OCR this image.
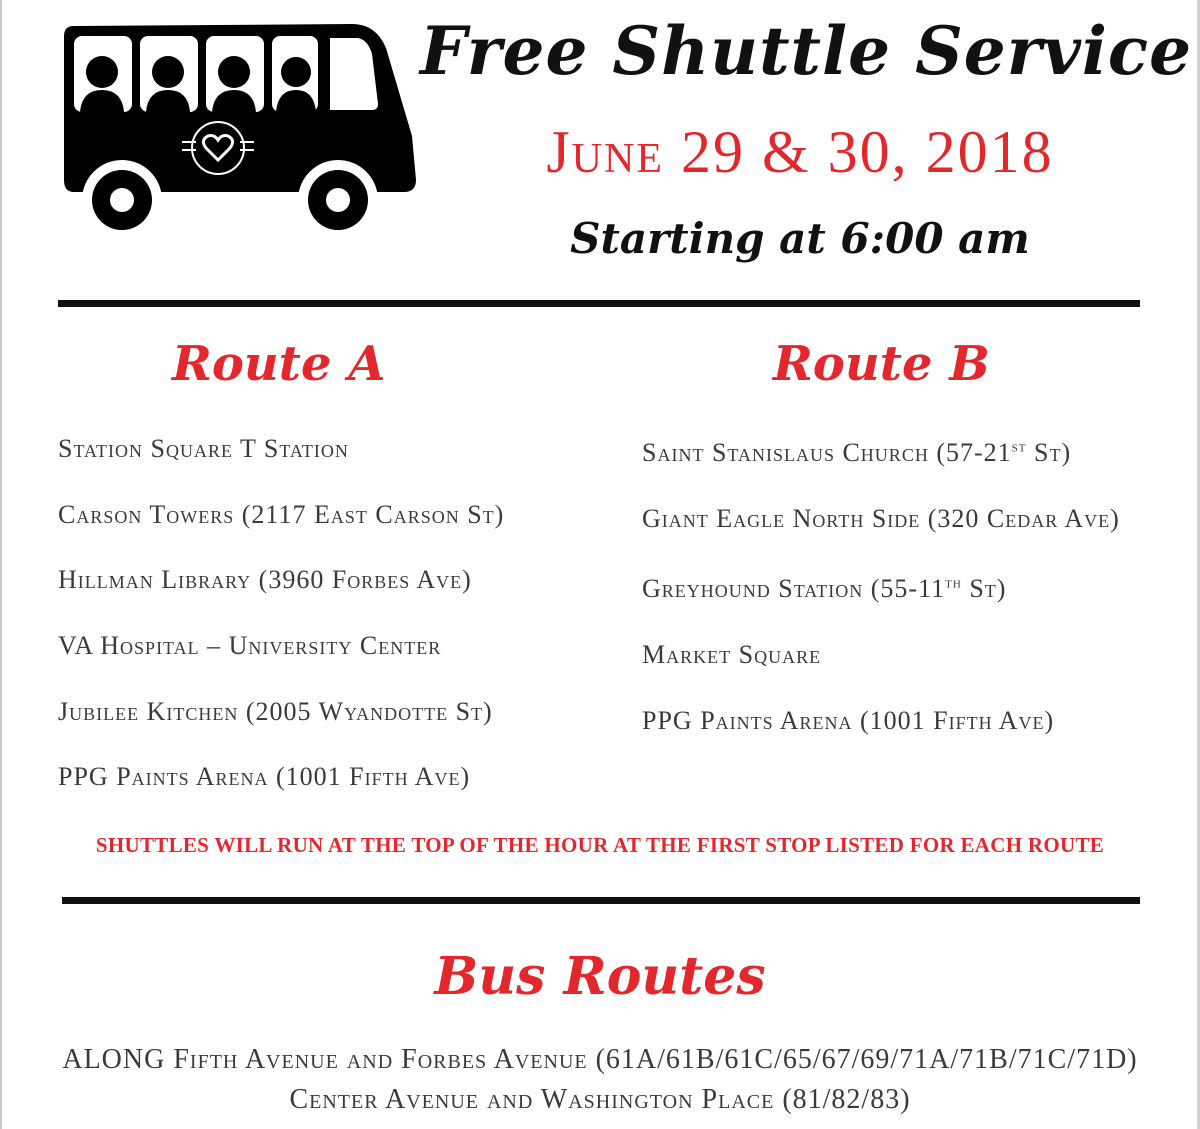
Free Shuttle Service
June 29 & 30, 2018
Starting at 6:00 am
Route A	Route B
Station Square T Station
Carson Towers (2117 East Carson St)
Hillman Library (3960 Forbes Ave)
VA Hospital – University Center
Jubilee Kitchen (2005 Wyandotte St)
PPG Paints Arena (1001 Fifth Ave)
Saint Stanislaus Church (57-21st St)
Giant Eagle North Side (320 Cedar Ave)
Greyhound Station (55-11th St)
Market Square
PPG Paints Arena (1001 Fifth Ave)
SHUTTLES WILL RUN AT THE TOP OF THE HOUR AT THE FIRST STOP LISTED FOR EACH ROUTE
Bus Routes
ALONG Fifth Avenue and Forbes Avenue (61A/61B/61C/65/67/69/71A/71B/71C/71D)
Center Avenue and Washington Place (81/82/83)
